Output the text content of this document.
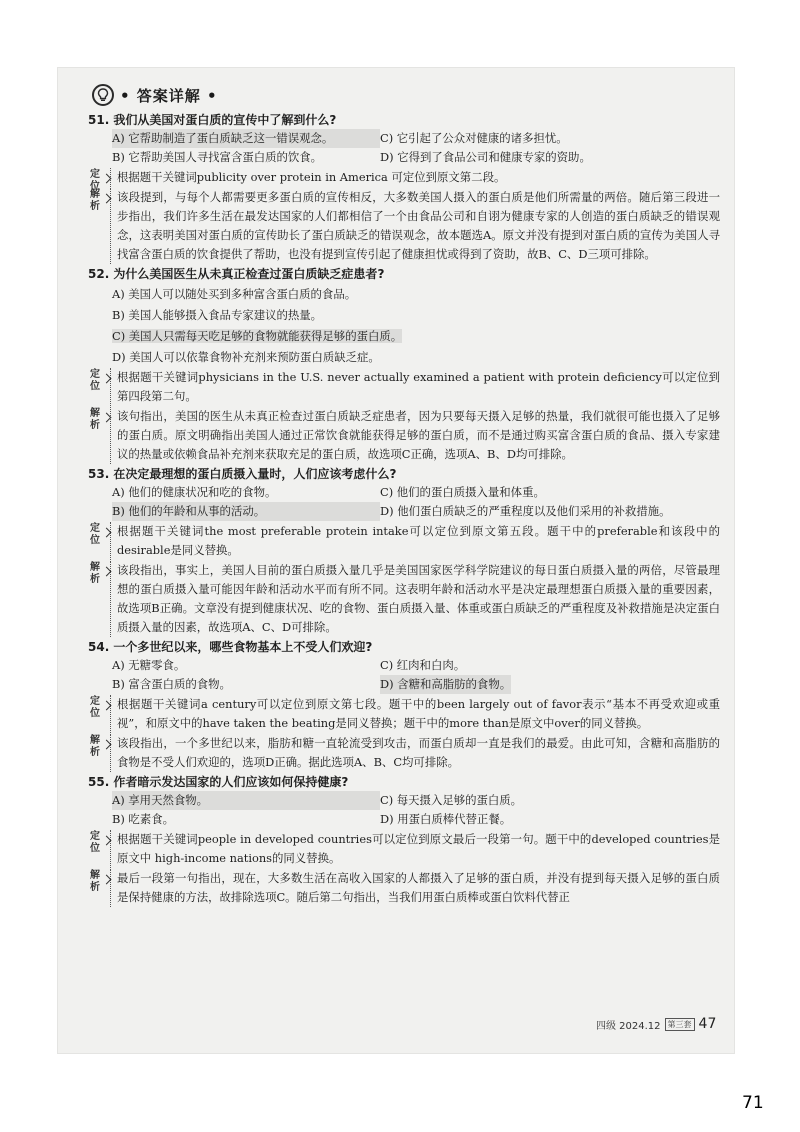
• 答案详解 •

51. 我们从美国对蛋白质的宣传中了解到什么?

A) 它帮助制造了蛋白质缺乏这一错误观念。	C) 它引起了公众对健康的诸多担忧。
B) 它帮助美国人寻找富含蛋白质的饮食。	D) 它得到了食品公司和健康专家的资助。
定位
根据题干关键词publicity over protein in America 可定位到原文第二段。
解析
该段提到，与每个人都需要更多蛋白质的宣传相反，大多数美国人摄入的蛋白质是他们所需量的两倍。随后第三段进一步指出，我们许多生活在最发达国家的人们都相信了一个由食品公司和自诩为健康专家的人创造的蛋白质缺乏的错误观念，这表明美国对蛋白质的宣传助长了蛋白质缺乏的错误观念，故本题选A。原文并没有提到对蛋白质的宣传为美国人寻找富含蛋白质的饮食提供了帮助，也没有提到宣传引起了健康担忧或得到了资助，故B、C、D三项可排除。

52. 为什么美国医生从未真正检查过蛋白质缺乏症患者?

A) 美国人可以随处买到多种富含蛋白质的食品。
B) 美国人能够摄入食品专家建议的热量。
C) 美国人只需每天吃足够的食物就能获得足够的蛋白质。
D) 美国人可以依靠食物补充剂来预防蛋白质缺乏症。
定位
根据题干关键词physicians in the U.S. never actually examined a patient with protein deficiency可以定位到第四段第二句。
解析
该句指出，美国的医生从未真正检查过蛋白质缺乏症患者，因为只要每天摄入足够的热量，我们就很可能也摄入了足够的蛋白质。原文明确指出美国人通过正常饮食就能获得足够的蛋白质，而不是通过购买富含蛋白质的食品、摄入专家建议的热量或依赖食品补充剂来获取充足的蛋白质，故选项C正确，选项A、B、D均可排除。

53. 在决定最理想的蛋白质摄入量时，人们应该考虑什么?

A) 他们的健康状况和吃的食物。	C) 他们的蛋白质摄入量和体重。
B) 他们的年龄和从事的活动。	D) 他们蛋白质缺乏的严重程度以及他们采用的补救措施。
定位
根据题干关键词the most preferable protein intake可以定位到原文第五段。题干中的preferable和该段中的desirable是同义替换。
解析
该段指出，事实上，美国人目前的蛋白质摄入量几乎是美国国家医学科学院建议的每日蛋白质摄入量的两倍，尽管最理想的蛋白质摄入量可能因年龄和活动水平而有所不同。这表明年龄和活动水平是决定最理想蛋白质摄入量的重要因素，故选项B正确。文章没有提到健康状况、吃的食物、蛋白质摄入量、体重或蛋白质缺乏的严重程度及补救措施是决定蛋白质摄入量的因素，故选项A、C、D可排除。

54. 一个多世纪以来，哪些食物基本上不受人们欢迎?

A) 无糖零食。	C) 红肉和白肉。
B) 富含蛋白质的食物。	D) 含糖和高脂肪的食物。
定位
根据题干关键词a century可以定位到原文第七段。题干中的been largely out of favor表示“基本不再受欢迎或重视”，和原文中的have taken the beating是同义替换；题干中的more than是原文中over的同义替换。
解析
该段指出，一个多世纪以来，脂肪和糖一直轮流受到攻击，而蛋白质却一直是我们的最爱。由此可知，含糖和高脂肪的食物是不受人们欢迎的，选项D正确。据此选项A、B、C均可排除。

55. 作者暗示发达国家的人们应该如何保持健康?

A) 享用天然食物。	C) 每天摄入足够的蛋白质。
B) 吃素食。	D) 用蛋白质棒代替正餐。
定位
根据题干关键词people in developed countries可以定位到原文最后一段第一句。题干中的developed countries是原文中 high-income nations的同义替换。
解析
最后一段第一句指出，现在，大多数生活在高收入国家的人都摄入了足够的蛋白质，并没有提到每天摄入足够的蛋白质是保持健康的方法，故排除选项C。随后第二句指出，当我们用蛋白质棒或蛋白饮料代替正
四级 2024.12 第三套 47
71
